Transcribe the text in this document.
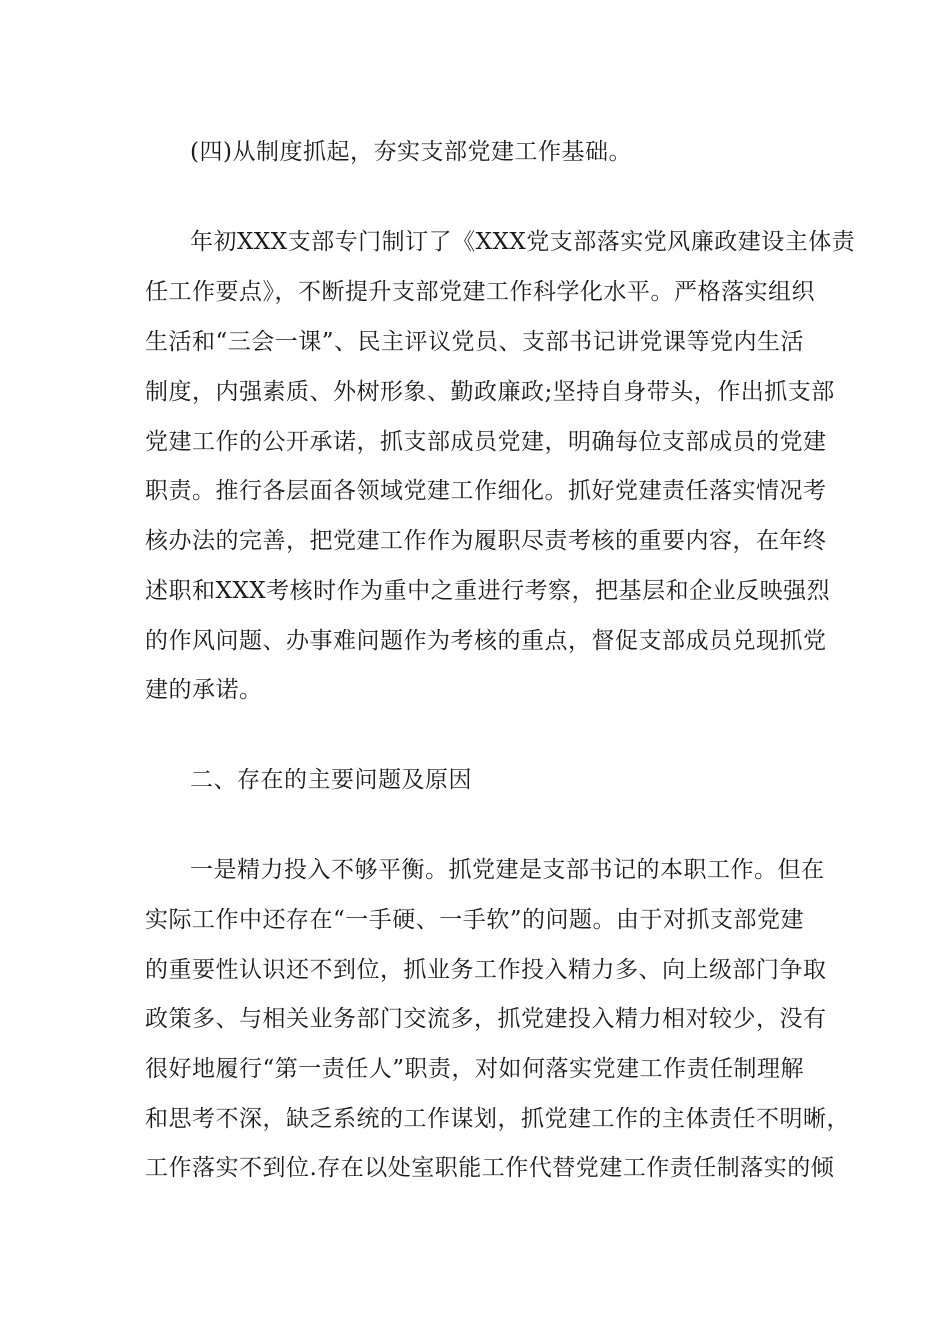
(四)从制度抓起，夯实支部党建工作基础。
年初XXX支部专门制订了《XXX党支部落实党风廉政建设主体责
任工作要点》，不断提升支部党建工作科学化水平。严格落实组织
生活和“三会一课”、民主评议党员、支部书记讲党课等党内生活
制度，内强素质、外树形象、勤政廉政;坚持自身带头，作出抓支部
党建工作的公开承诺，抓支部成员党建，明确每位支部成员的党建
职责。推行各层面各领域党建工作细化。抓好党建责任落实情况考
核办法的完善，把党建工作作为履职尽责考核的重要内容，在年终
述职和XXX考核时作为重中之重进行考察，把基层和企业反映强烈
的作风问题、办事难问题作为考核的重点，督促支部成员兑现抓党
建的承诺。
二、存在的主要问题及原因
一是精力投入不够平衡。抓党建是支部书记的本职工作。但在
实际工作中还存在“一手硬、一手软”的问题。由于对抓支部党建
的重要性认识还不到位，抓业务工作投入精力多、向上级部门争取
政策多、与相关业务部门交流多，抓党建投入精力相对较少，没有
很好地履行“第一责任人”职责，对如何落实党建工作责任制理解
和思考不深，缺乏系统的工作谋划，抓党建工作的主体责任不明晰，
工作落实不到位.存在以处室职能工作代替党建工作责任制落实的倾
